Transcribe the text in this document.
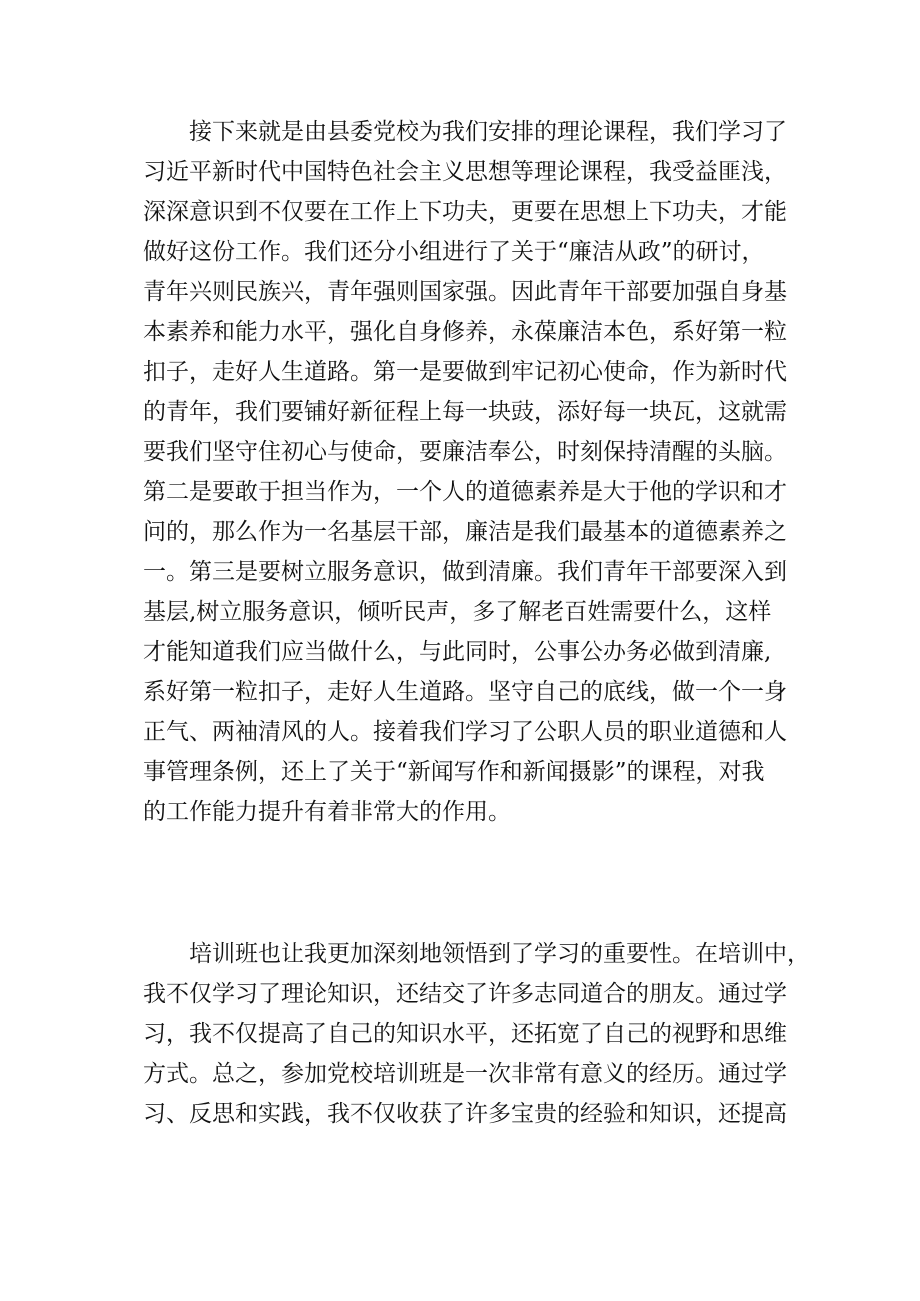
　　接下来就是由县委党校为我们安排的理论课程，我们学习了
习近平新时代中国特色社会主义思想等理论课程，我受益匪浅，
深深意识到不仅要在工作上下功夫，更要在思想上下功夫，才能
做好这份工作。我们还分小组进行了关于“廉洁从政”的研讨，
青年兴则民族兴，青年强则国家强。因此青年干部要加强自身基
本素养和能力水平，强化自身修养，永葆廉洁本色，系好第一粒
扣子，走好人生道路。第一是要做到牢记初心使命，作为新时代
的青年，我们要铺好新征程上每一块豉，添好每一块瓦，这就需
要我们坚守住初心与使命，要廉洁奉公，时刻保持清醒的头脑。
第二是要敢于担当作为，一个人的道德素养是大于他的学识和才
问的，那么作为一名基层干部，廉洁是我们最基本的道德素养之
一。第三是要树立服务意识，做到清廉。我们青年干部要深入到
基层,树立服务意识，倾听民声，多了解老百姓需要什么，这样
才能知道我们应当做什么，与此同时，公事公办务必做到清廉,
系好第一粒扣子，走好人生道路。坚守自己的底线，做一个一身
正气、两袖清风的人。接着我们学习了公职人员的职业道德和人
事管理条例，还上了关于“新闻写作和新闻摄影”的课程，对我
的工作能力提升有着非常大的作用。
　　培训班也让我更加深刻地领悟到了学习的重要性。在培训中，
我不仅学习了理论知识，还结交了许多志同道合的朋友。通过学
习，我不仅提高了自己的知识水平，还拓宽了自己的视野和思维
方式。总之，参加党校培训班是一次非常有意义的经历。通过学
习、反思和实践，我不仅收获了许多宝贵的经验和知识，还提高
